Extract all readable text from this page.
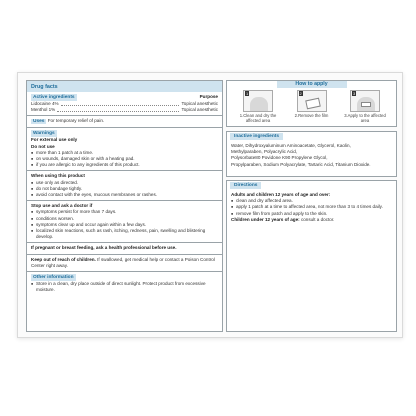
Drug facts
Active ingredients	Purpose
Lidocaine 4%	Topical anesthetic
Menthol 1%	Topical anesthetic
Uses For temporary relief of pain.
Warnings
For external use only
Do not use
■ more than 1 patch at a time.
■ on wounds, damaged skin or with a heating pad.
■ if you are allergic to any ingredients of this product.
When using this product
■ use only as directed.
■ do not bandage tightly.
■ avoid contact with the eyes, mucous membranes or rashes.
Stop use and ask a doctor if
■ symptoms persist for more than 7 days.
■ conditions worsen.
■ symptoms clear up and occur again within a few days.
■ localized skin reactions, such as rash, itching, redness, pain, swelling and blistering develop.
If pregnant or breast feeding, ask a health professional before use.
Keep out of reach of children. If swallowed, get medical help or contact a Poison Control Center right away.
Other information
■ Store in a clean, dry place outside of direct sunlight. Protect product from excessive moisture.
How to apply
1
1.Clean and dry the affected area
2
2.Remove the film
3
3.Apply to the affected area
Inactive ingredients
Water, Dihydroxyaluminum Aminoacetate, Glycerol, Kaolin,
Methylparaben, Polyacrylic Acid,
Polysorbate80 Povidone K90 Propylene Glycol,
Propylparaben, Sodium Polyacrylate, Tartaric Acid, Titanium Dioxide.
Directions
Adults and children 12 years of age and over:
■ clean and dry affected area.
■ apply 1 patch at a time to affected area, not more than 3 to 4 times daily.
■ remove film from patch and apply to the skin.
Children under 12 years of age: consult a doctor.
